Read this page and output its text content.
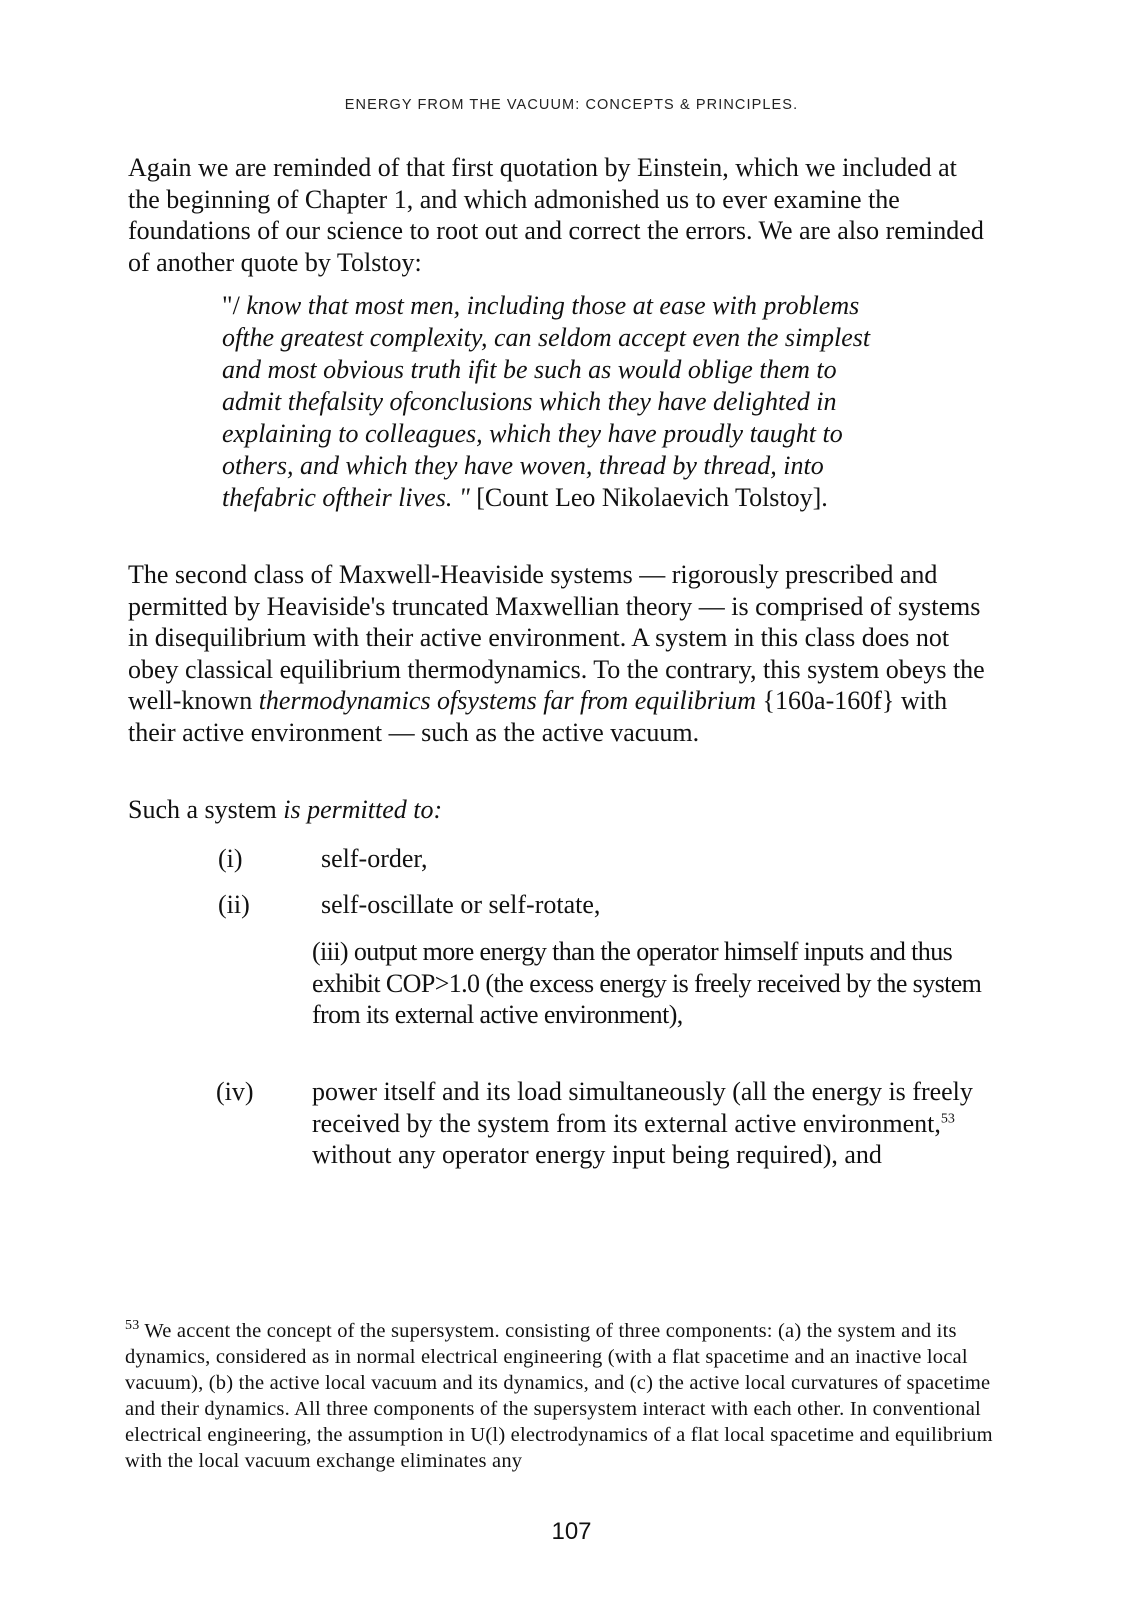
ENERGY FROM THE VACUUM: CONCEPTS & PRINCIPLES.

Again we are reminded of that first quotation by Einstein, which we included at the beginning of Chapter 1, and which admonished us to ever examine the foundations of our science to root out and correct the errors. We are also reminded of another quote by Tolstoy:

"/ know that most men, including those at ease with problems ofthe greatest complexity, can seldom accept even the simplest and most obvious truth ifit be such as would oblige them to admit thefalsity ofconclusions which they have delighted in explaining to colleagues, which they have proudly taught to others, and which they have woven, thread by thread, into thefabric oftheir lives. " [Count Leo Nikolaevich Tolstoy].

The second class of Maxwell-Heaviside systems — rigorously prescribed and permitted by Heaviside's truncated Maxwellian theory — is comprised of systems in disequilibrium with their active environment. A system in this class does not obey classical equilibrium thermodynamics. To the contrary, this system obeys the well-known thermodynamics ofsystems far from equilibrium {160a-160f} with their active environment — such as the active vacuum.

Such a system is permitted to:

(i)	self-order,

(ii)	self-oscillate or self-rotate,

(iii) output more energy than the operator himself inputs and thus exhibit COP>1.0 (the excess energy is freely received by the system from its external active environment),

(iv) power itself and its load simultaneously (all the energy is freely received by the system from its external active environment,$^{53}$ without any operator energy input being required), and

$^{53}$ We accent the concept of the supersystem. consisting of three components: (a) the system and its dynamics, considered as in normal electrical engineering (with a flat spacetime and an inactive local vacuum), (b) the active local vacuum and its dynamics, and (c) the active local curvatures of spacetime and their dynamics. All three components of the supersystem interact with each other. In conventional electrical engineering, the assumption in U(l) electrodynamics of a flat local spacetime and equilibrium with the local vacuum exchange eliminates any

107
